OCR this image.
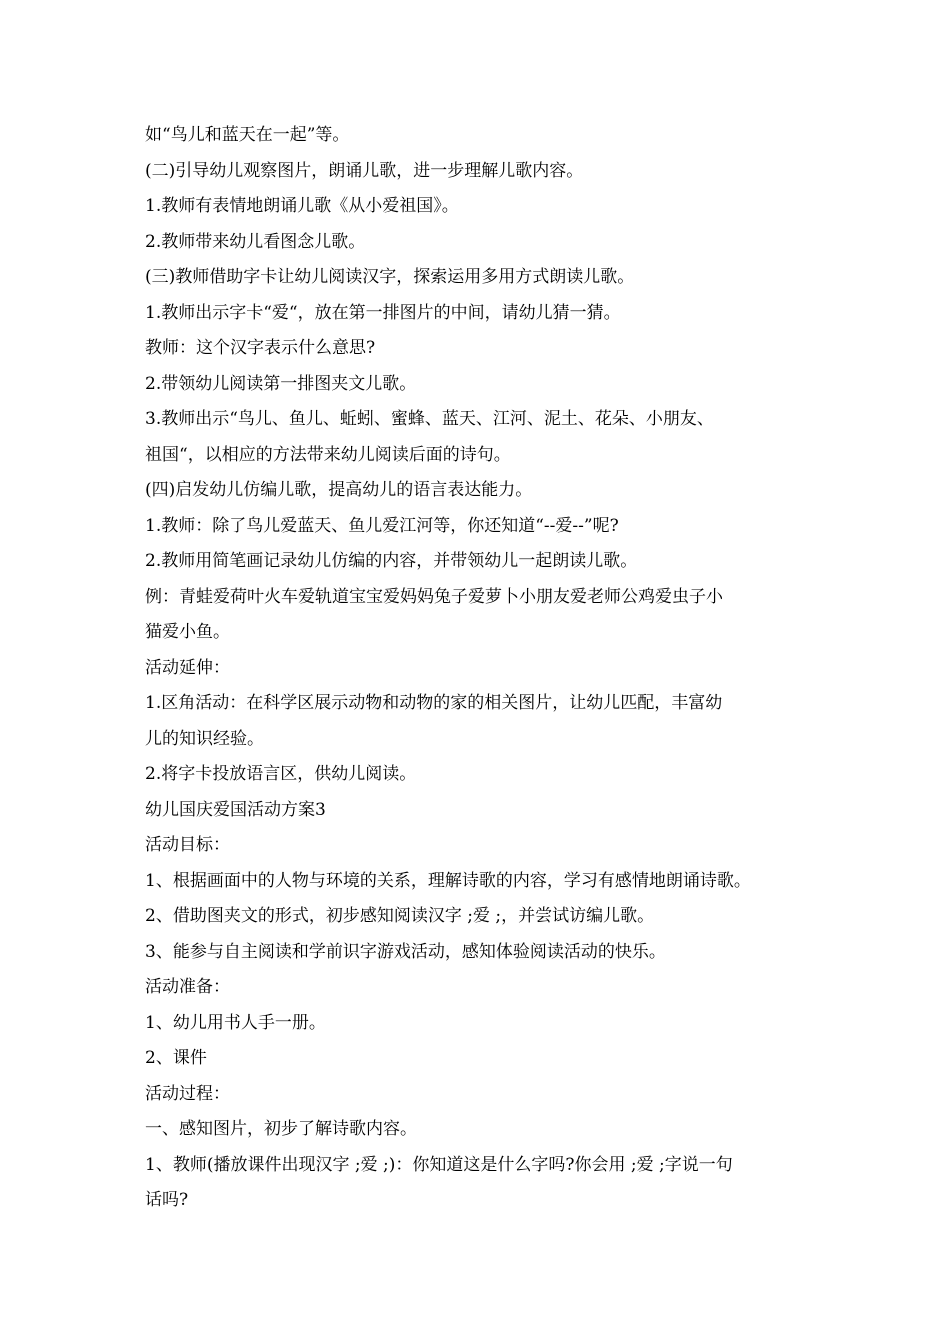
如“鸟儿和蓝天在一起”等。
(二)引导幼儿观察图片，朗诵儿歌，进一步理解儿歌内容。
1.教师有表情地朗诵儿歌《从小爱祖国》。
2.教师带来幼儿看图念儿歌。
(三)教师借助字卡让幼儿阅读汉字，探索运用多用方式朗读儿歌。
1.教师出示字卡“爱“，放在第一排图片的中间，请幼儿猜一猜。
教师：这个汉字表示什么意思?
2.带领幼儿阅读第一排图夹文儿歌。
3.教师出示“鸟儿、鱼儿、蚯蚓、蜜蜂、蓝天、江河、泥土、花朵、小朋友、
祖国“，以相应的方法带来幼儿阅读后面的诗句。
(四)启发幼儿仿编儿歌，提高幼儿的语言表达能力。
1.教师：除了鸟儿爱蓝天、鱼儿爱江河等，你还知道“--爱--”呢?
2.教师用简笔画记录幼儿仿编的内容，并带领幼儿一起朗读儿歌。
例：青蛙爱荷叶火车爱轨道宝宝爱妈妈兔子爱萝卜小朋友爱老师公鸡爱虫子小
猫爱小鱼。
活动延伸：
1.区角活动：在科学区展示动物和动物的家的相关图片，让幼儿匹配，丰富幼
儿的知识经验。
2.将字卡投放语言区，供幼儿阅读。
幼儿国庆爱国活动方案3
活动目标：
1、根据画面中的人物与环境的关系，理解诗歌的内容，学习有感情地朗诵诗歌。
2、借助图夹文的形式，初步感知阅读汉字 ;爱 ;，并尝试访编儿歌。
3、能参与自主阅读和学前识字游戏活动，感知体验阅读活动的快乐。
活动准备：
1、幼儿用书人手一册。
2、课件
活动过程：
一、感知图片，初步了解诗歌内容。
1、教师(播放课件出现汉字 ;爱 ;)：你知道这是什么字吗?你会用 ;爱 ;字说一句
话吗?
